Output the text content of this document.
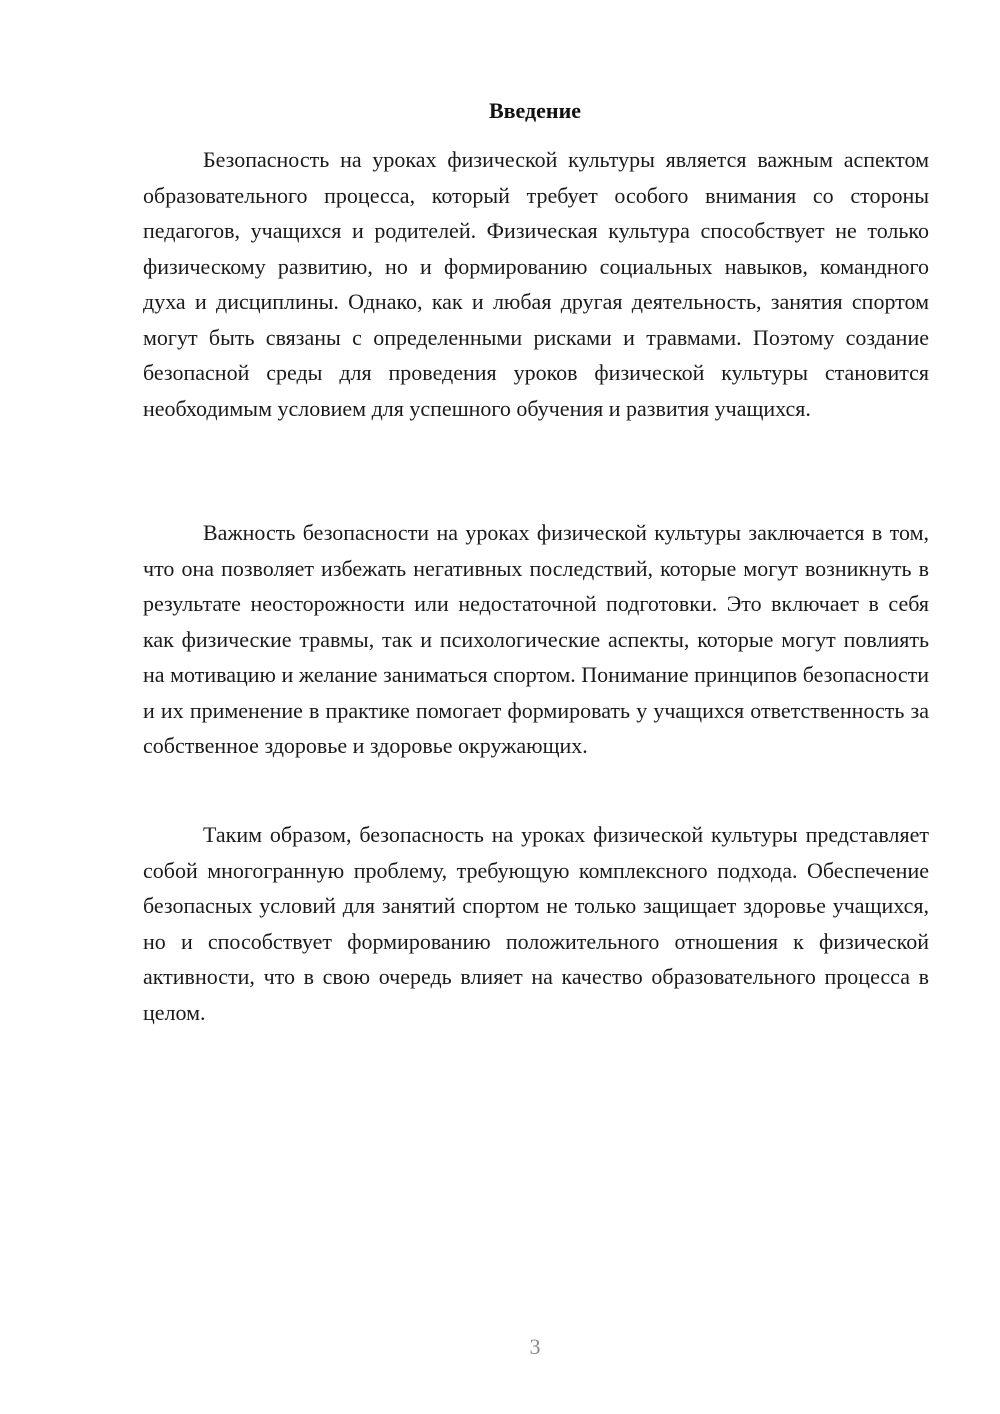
Введение

Безопасность на уроках физической культуры является важным аспектом образовательного процесса, который требует особого внимания со стороны педагогов, учащихся и родителей. Физическая культура способствует не только физическому развитию, но и формированию социальных навыков, командного духа и дисциплины. Однако, как и любая другая деятельность, занятия спортом могут быть связаны с определенными рисками и травмами. Поэтому создание безопасной среды для проведения уроков физической культуры становится необходимым условием для успешного обучения и развития учащихся.

Важность безопасности на уроках физической культуры заключается в том, что она позволяет избежать негативных последствий, которые могут возникнуть в результате неосторожности или недостаточной подготовки. Это включает в себя как физические травмы, так и психологические аспекты, которые могут повлиять на мотивацию и желание заниматься спортом. Понимание принципов безопасности и их применение в практике помогает формировать у учащихся ответственность за собственное здоровье и здоровье окружающих.

Таким образом, безопасность на уроках физической культуры представляет собой многогранную проблему, требующую комплексного подхода. Обеспечение безопасных условий для занятий спортом не только защищает здоровье учащихся, но и способствует формированию положительного отношения к физической активности, что в свою очередь влияет на качество образовательного процесса в целом.

3
